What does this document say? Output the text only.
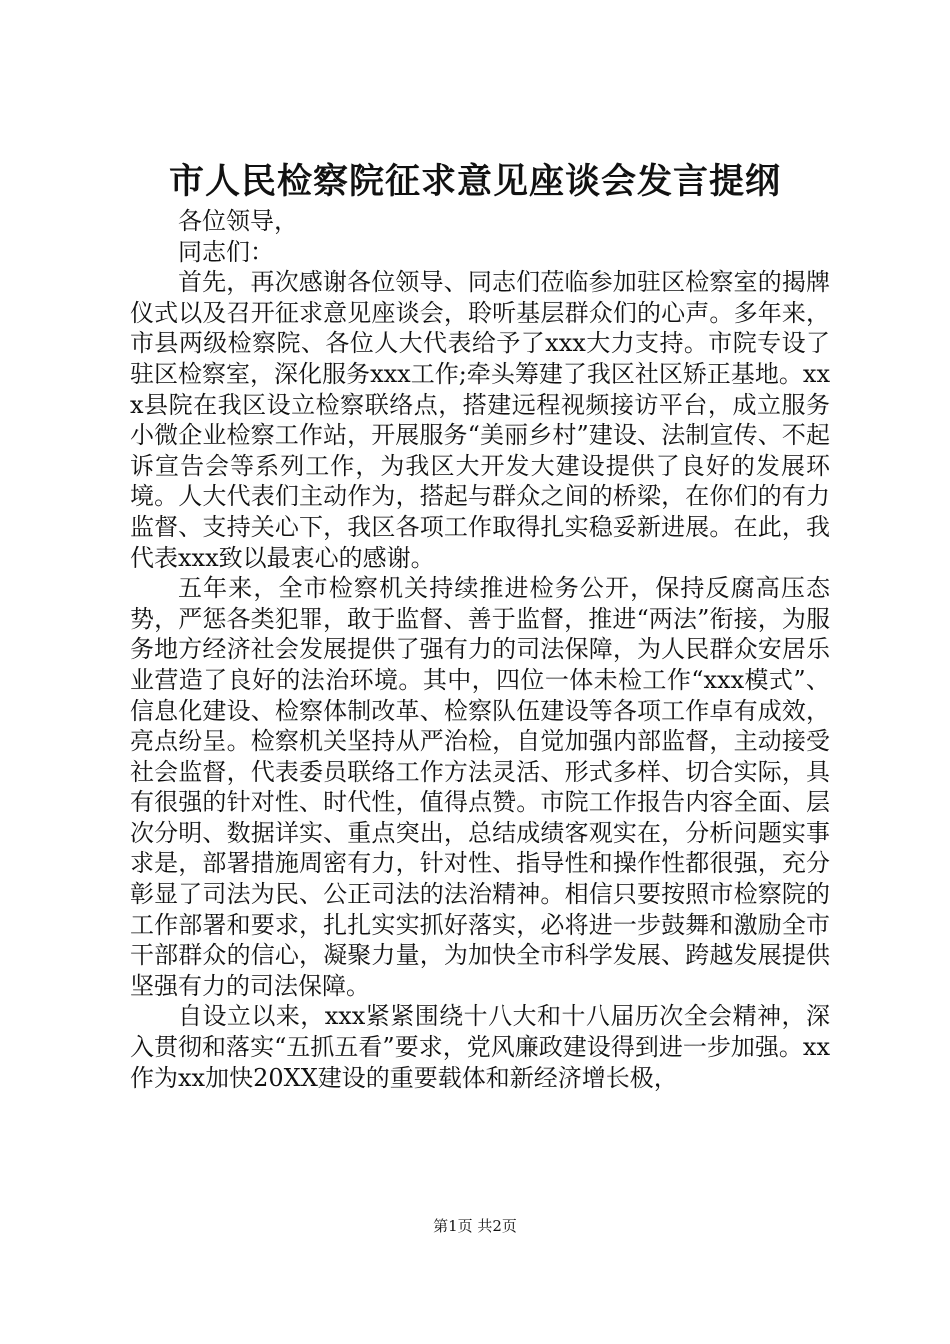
市人民检察院征求意见座谈会发言提纲

各位领导，

同志们：

首先，再次感谢各位领导、同志们莅临参加驻区检察室的揭牌仪式以及召开征求意见座谈会，聆听基层群众们的心声。多年来，市县两级检察院、各位人大代表给予了xxx大力支持。市院专设了驻区检察室，深化服务xxx工作;牵头筹建了我区社区矫正基地。xxx县院在我区设立检察联络点，搭建远程视频接访平台，成立服务小微企业检察工作站，开展服务“美丽乡村”建设、法制宣传、不起诉宣告会等系列工作，为我区大开发大建设提供了良好的发展环境。人大代表们主动作为，搭起与群众之间的桥梁，在你们的有力监督、支持关心下，我区各项工作取得扎实稳妥新进展。在此，我代表xxx致以最衷心的感谢。

五年来，全市检察机关持续推进检务公开，保持反腐高压态势，严惩各类犯罪，敢于监督、善于监督，推进“两法”衔接，为服务地方经济社会发展提供了强有力的司法保障，为人民群众安居乐业营造了良好的法治环境。其中，四位一体未检工作“xxx模式”、信息化建设、检察体制改革、检察队伍建设等各项工作卓有成效，亮点纷呈。检察机关坚持从严治检，自觉加强内部监督，主动接受社会监督，代表委员联络工作方法灵活、形式多样、切合实际，具有很强的针对性、时代性，值得点赞。市院工作报告内容全面、层次分明、数据详实、重点突出，总结成绩客观实在，分析问题实事求是，部署措施周密有力，针对性、指导性和操作性都很强，充分彰显了司法为民、公正司法的法治精神。相信只要按照市检察院的工作部署和要求，扎扎实实抓好落实，必将进一步鼓舞和激励全市干部群众的信心，凝聚力量，为加快全市科学发展、跨越发展提供坚强有力的司法保障。

自设立以来，xxx紧紧围绕十八大和十八届历次全会精神，深入贯彻和落实“五抓五看”要求，党风廉政建设得到进一步加强。xx作为xx加快20XX建设的重要载体和新经济增长极，

第1页 共2页
